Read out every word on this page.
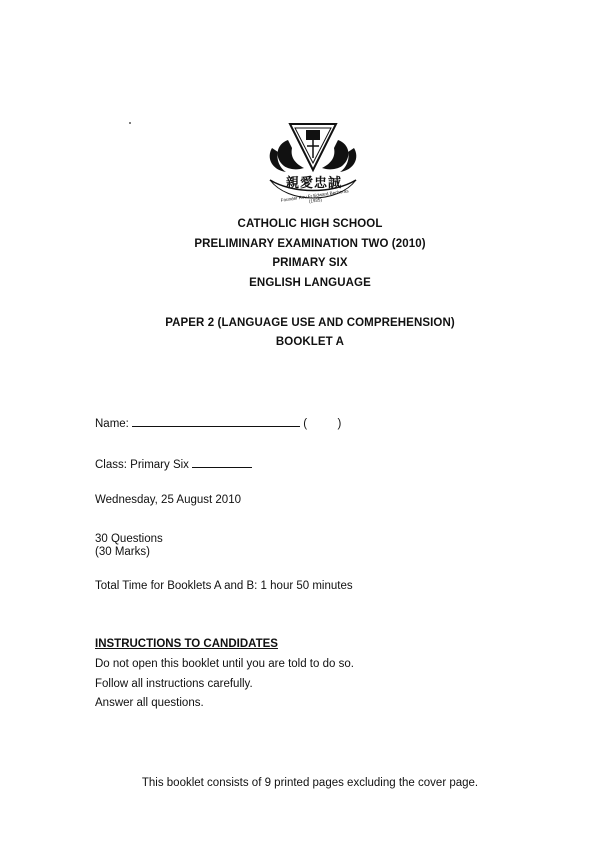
親愛忠誠
Founder Rev Fr Edward Becheras (1935)
CATHOLIC HIGH SCHOOL
PRELIMINARY EXAMINATION TWO (2010)
PRIMARY SIX
ENGLISH LANGUAGE
PAPER 2 (LANGUAGE USE AND COMPREHENSION)
BOOKLET A
Name:	(	)
Class: Primary Six
Wednesday, 25 August 2010
30 Questions
(30 Marks)
Total Time for Booklets A and B: 1 hour 50 minutes
INSTRUCTIONS TO CANDIDATES
Do not open this booklet until you are told to do so.
Follow all instructions carefully.
Answer all questions.
This booklet consists of 9 printed pages excluding the cover page.
